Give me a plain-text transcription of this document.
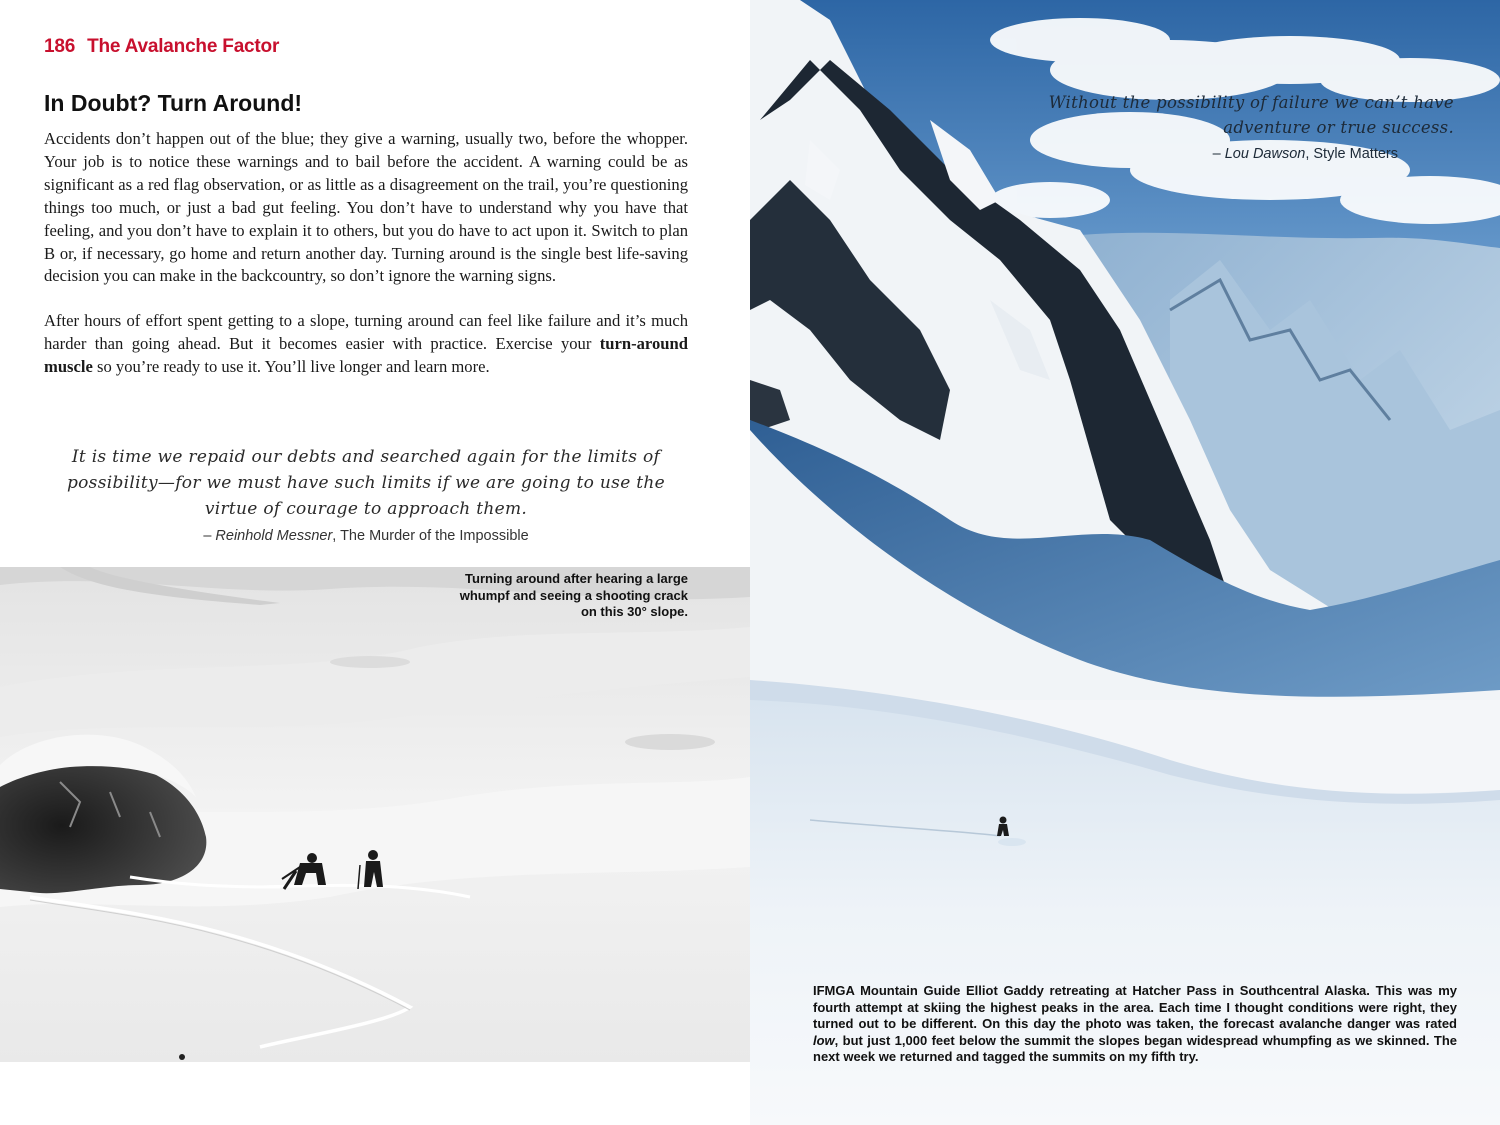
186 The Avalanche Factor
In Doubt? Turn Around!

Accidents don’t happen out of the blue; they give a warning, usually two, before the whopper. Your job is to notice these warnings and to bail before the accident. A warning could be as significant as a red flag observation, or as little as a disagreement on the trail, you’re questioning things too much, or just a bad gut feeling. You don’t have to understand why you have that feeling, and you don’t have to explain it to others, but you do have to act upon it. Switch to plan B or, if necessary, go home and return another day. Turning around is the single best life-saving decision you can make in the backcountry, so don’t ignore the warning signs.

After hours of effort spent getting to a slope, turning around can feel like failure and it’s much harder than going ahead. But it becomes easier with practice. Exercise your turn-around muscle so you’re ready to use it. You’ll live longer and learn more.

It is time we repaid our debts and searched again for the limits of possibility—for we must have such limits if we are going to use the virtue of courage to approach them.
– Reinhold Messner, The Murder of the Impossible
Turning around after hearing a large whumpf and seeing a shooting crack on this 30° slope.
Without the possibility of failure we can’t have adventure or true success.
– Lou Dawson, Style Matters
IFMGA Mountain Guide Elliot Gaddy retreating at Hatcher Pass in Southcentral Alaska. This was my fourth attempt at skiing the highest peaks in the area. Each time I thought conditions were right, they turned out to be different. On this day the photo was taken, the forecast avalanche danger was rated low, but just 1,000 feet below the summit the slopes began widespread whumpfing as we skinned. The next week we returned and tagged the summits on my fifth try.
